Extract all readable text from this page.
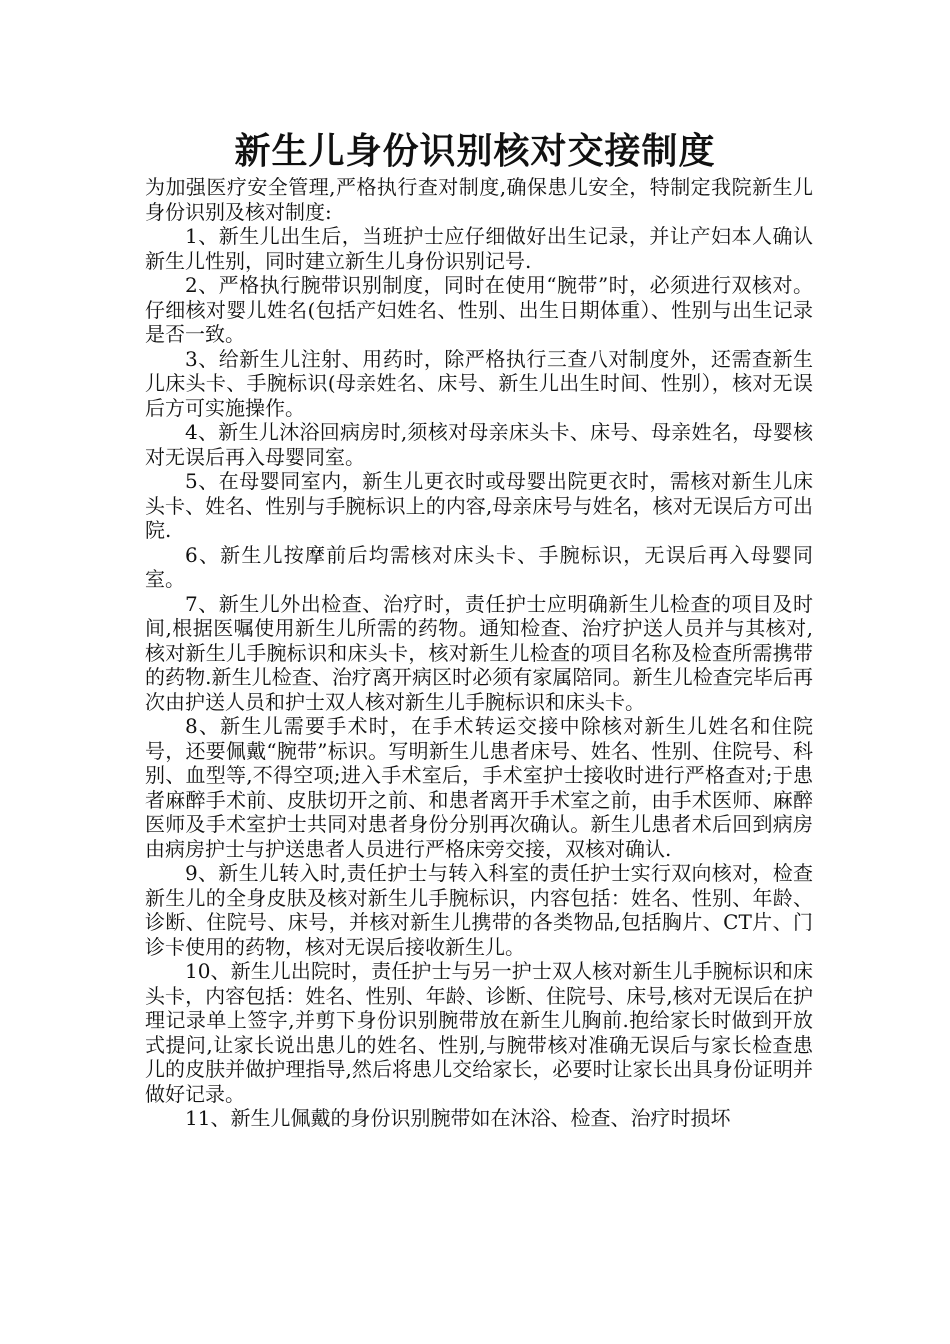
新生儿身份识别核对交接制度

为加强医疗安全管理,严格执行查对制度,确保患儿安全，特制定我院新生儿身份识别及核对制度:

1、新生儿出生后，当班护士应仔细做好出生记录，并让产妇本人确认新生儿性别，同时建立新生儿身份识别记号.

2、严格执行腕带识别制度，同时在使用“腕带”时，必须进行双核对。仔细核对婴儿姓名(包括产妇姓名、性别、出生日期体重）、性别与出生记录是否一致。

3、给新生儿注射、用药时，除严格执行三查八对制度外，还需查新生儿床头卡、手腕标识(母亲姓名、床号、新生儿出生时间、性别），核对无误后方可实施操作。

4、新生儿沐浴回病房时,须核对母亲床头卡、床号、母亲姓名，母婴核对无误后再入母婴同室。

5、在母婴同室内，新生儿更衣时或母婴出院更衣时，需核对新生儿床头卡、姓名、性别与手腕标识上的内容,母亲床号与姓名，核对无误后方可出院.

6、新生儿按摩前后均需核对床头卡、手腕标识，无误后再入母婴同室。

7、新生儿外出检查、治疗时，责任护士应明确新生儿检查的项目及时间,根据医嘱使用新生儿所需的药物。通知检查、治疗护送人员并与其核对,核对新生儿手腕标识和床头卡，核对新生儿检查的项目名称及检查所需携带的药物.新生儿检查、治疗离开病区时必须有家属陪同。新生儿检查完毕后再次由护送人员和护士双人核对新生儿手腕标识和床头卡。

8、新生儿需要手术时，在手术转运交接中除核对新生儿姓名和住院号，还要佩戴“腕带”标识。写明新生儿患者床号、姓名、性别、住院号、科别、血型等,不得空项;进入手术室后，手术室护士接收时进行严格查对;于患者麻醉手术前、皮肤切开之前、和患者离开手术室之前，由手术医师、麻醉医师及手术室护士共同对患者身份分别再次确认。新生儿患者术后回到病房由病房护士与护送患者人员进行严格床旁交接，双核对确认.

9、新生儿转入时,责任护士与转入科室的责任护士实行双向核对，检查新生儿的全身皮肤及核对新生儿手腕标识，内容包括：姓名、性别、年龄、诊断、住院号、床号，并核对新生儿携带的各类物品,包括胸片、CT片、门诊卡使用的药物，核对无误后接收新生儿。

10、新生儿出院时，责任护士与另一护士双人核对新生儿手腕标识和床头卡，内容包括：姓名、性别、年龄、诊断、住院号、床号,核对无误后在护理记录单上签字,并剪下身份识别腕带放在新生儿胸前.抱给家长时做到开放式提问,让家长说出患儿的姓名、性别,与腕带核对准确无误后与家长检查患儿的皮肤并做护理指导,然后将患儿交给家长，必要时让家长出具身份证明并做好记录。

11、新生儿佩戴的身份识别腕带如在沐浴、检查、治疗时损坏
